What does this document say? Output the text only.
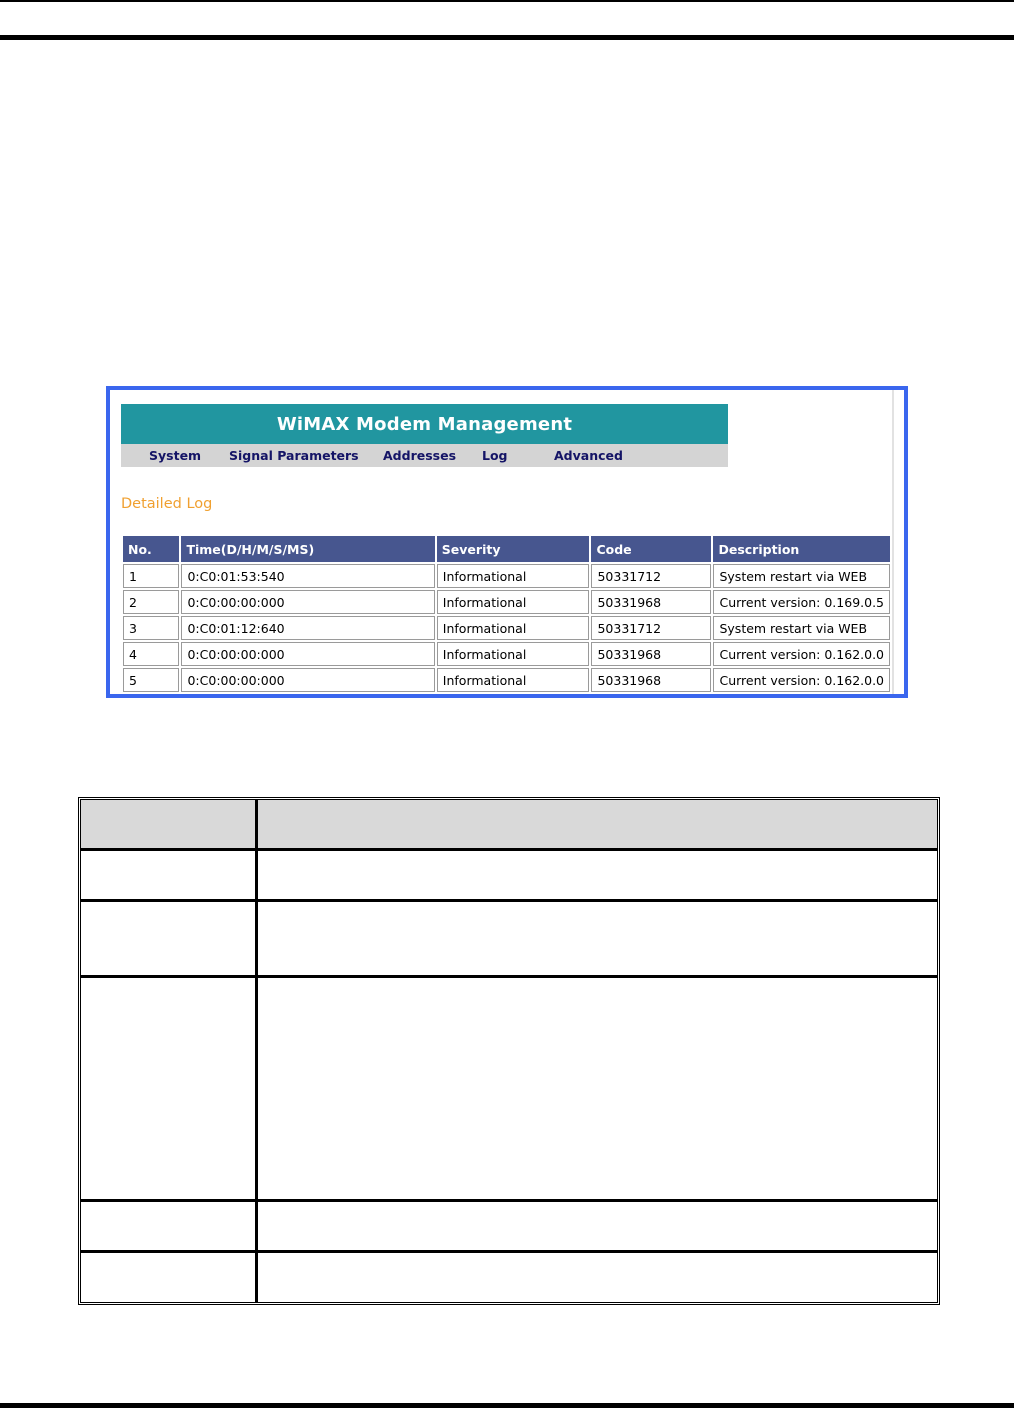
WiMAX Modem Management
System Signal Parameters Addresses Log	Advanced
Detailed Log
No.	Time(D/H/M/S/MS)	Severity	Code	Description
1	0:C0:01:53:540	Informational	50331712	System restart via WEB
2	0:C0:00:00:000	Informational	50331968	Current version: 0.169.0.5
3	0:C0:01:12:640	Informational	50331712	System restart via WEB
4	0:C0:00:00:000	Informational	50331968	Current version: 0.162.0.0
5	0:C0:00:00:000	Informational	50331968	Current version: 0.162.0.0
